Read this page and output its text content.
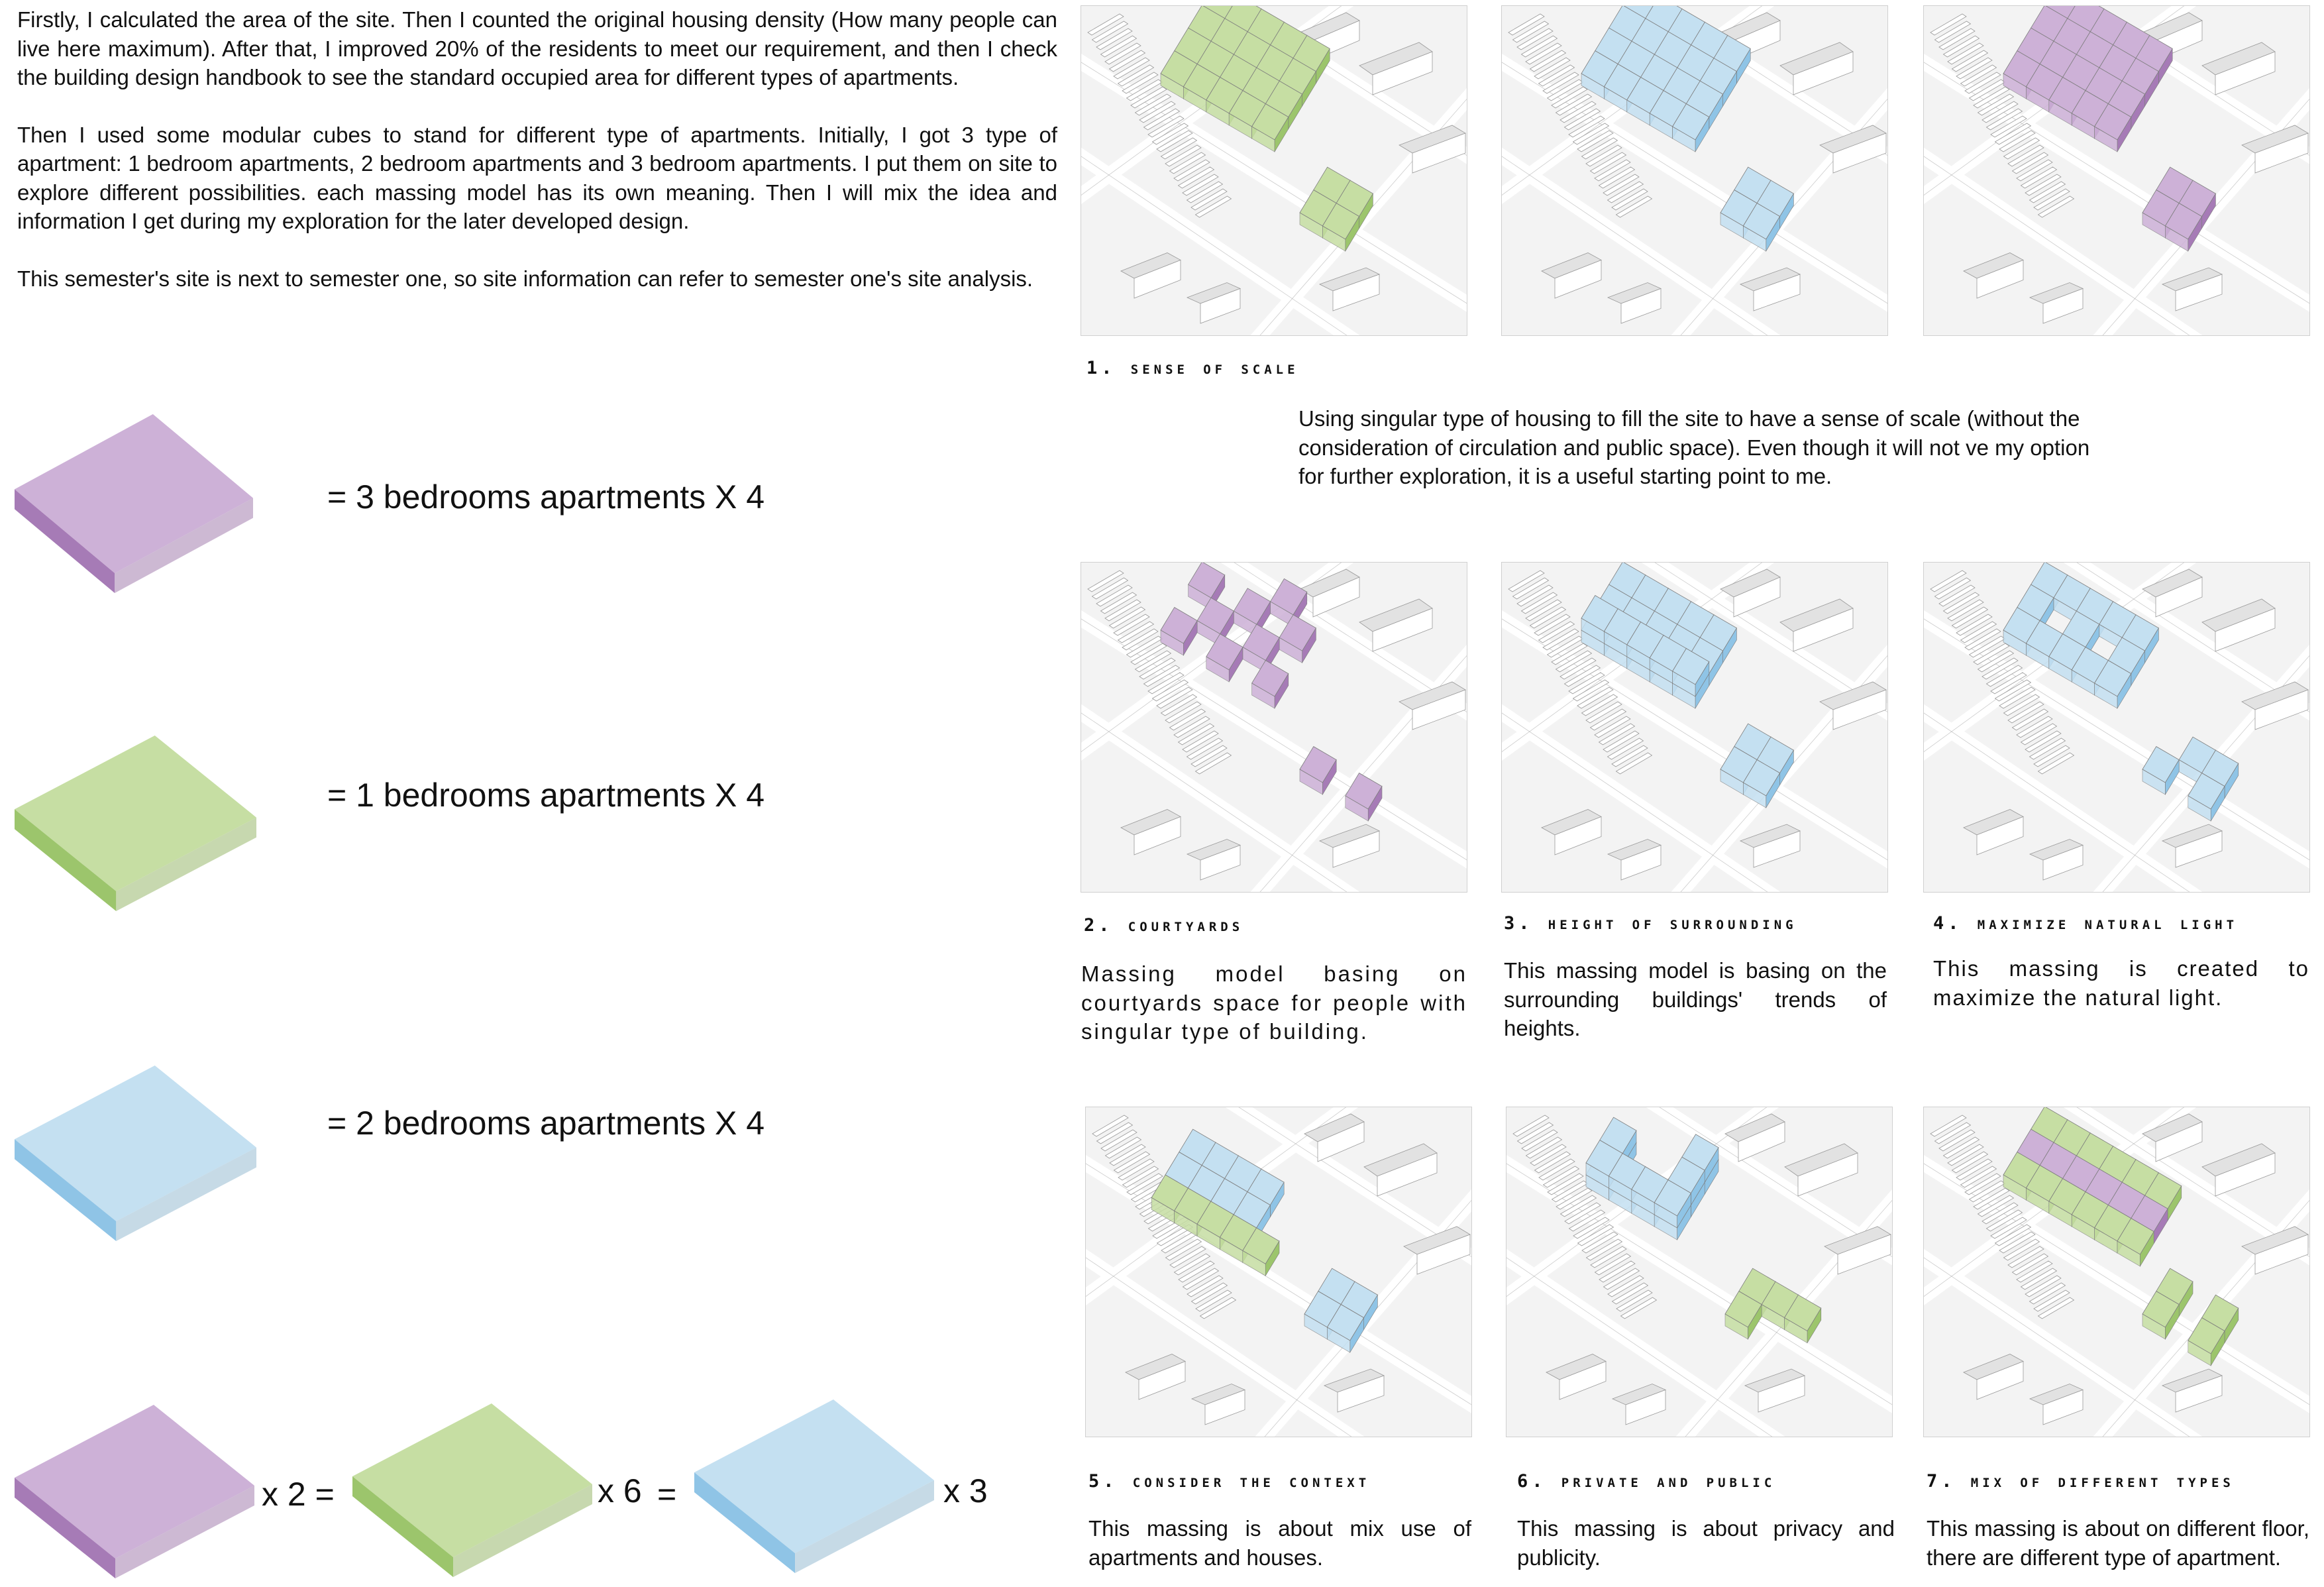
Firstly, I calculated the area of the site. Then I counted the original housing density (How many people can live here maximum). After that, I improved 20% of the residents to meet our requirement, and then I check the building design handbook to see the standard occupied area for different types of apartments.

Then I used some modular cubes to stand for different type of apartments. Initially, I got 3 type of apartment: 1 bedroom apartments, 2 bedroom apartments and 3 bedroom apartments. I put them on site to explore different possibilities. each massing model has its own meaning. Then I will mix the idea and information I get during my exploration for the later developed design.

This semester's site is next to semester one, so site information can refer to semester one's site analysis.

= 3 bedrooms apartments X 4
= 1 bedrooms apartments X 4
= 2 bedrooms apartments X 4
x 2 =	x 6 =	x 3
1. sense of scale
Using singular type of housing to fill the site to have a sense of scale (without the consideration of circulation and public space). Even though it will not ve my option for further exploration, it is a useful starting point to me.
2. courtyards
Massing model basing on courtyards space for people with singular type of building.
3. height of surrounding
This massing model is basing on the surrounding buildings' trends of heights.
4. maximize natural light
This massing is created to maximize the natural light.
5. consider the context
This massing is about mix use of apartments and houses.
6. private and public
This massing is about privacy and publicity.
7. mix of different types
This massing is about on different floor, there are different type of apartment.
